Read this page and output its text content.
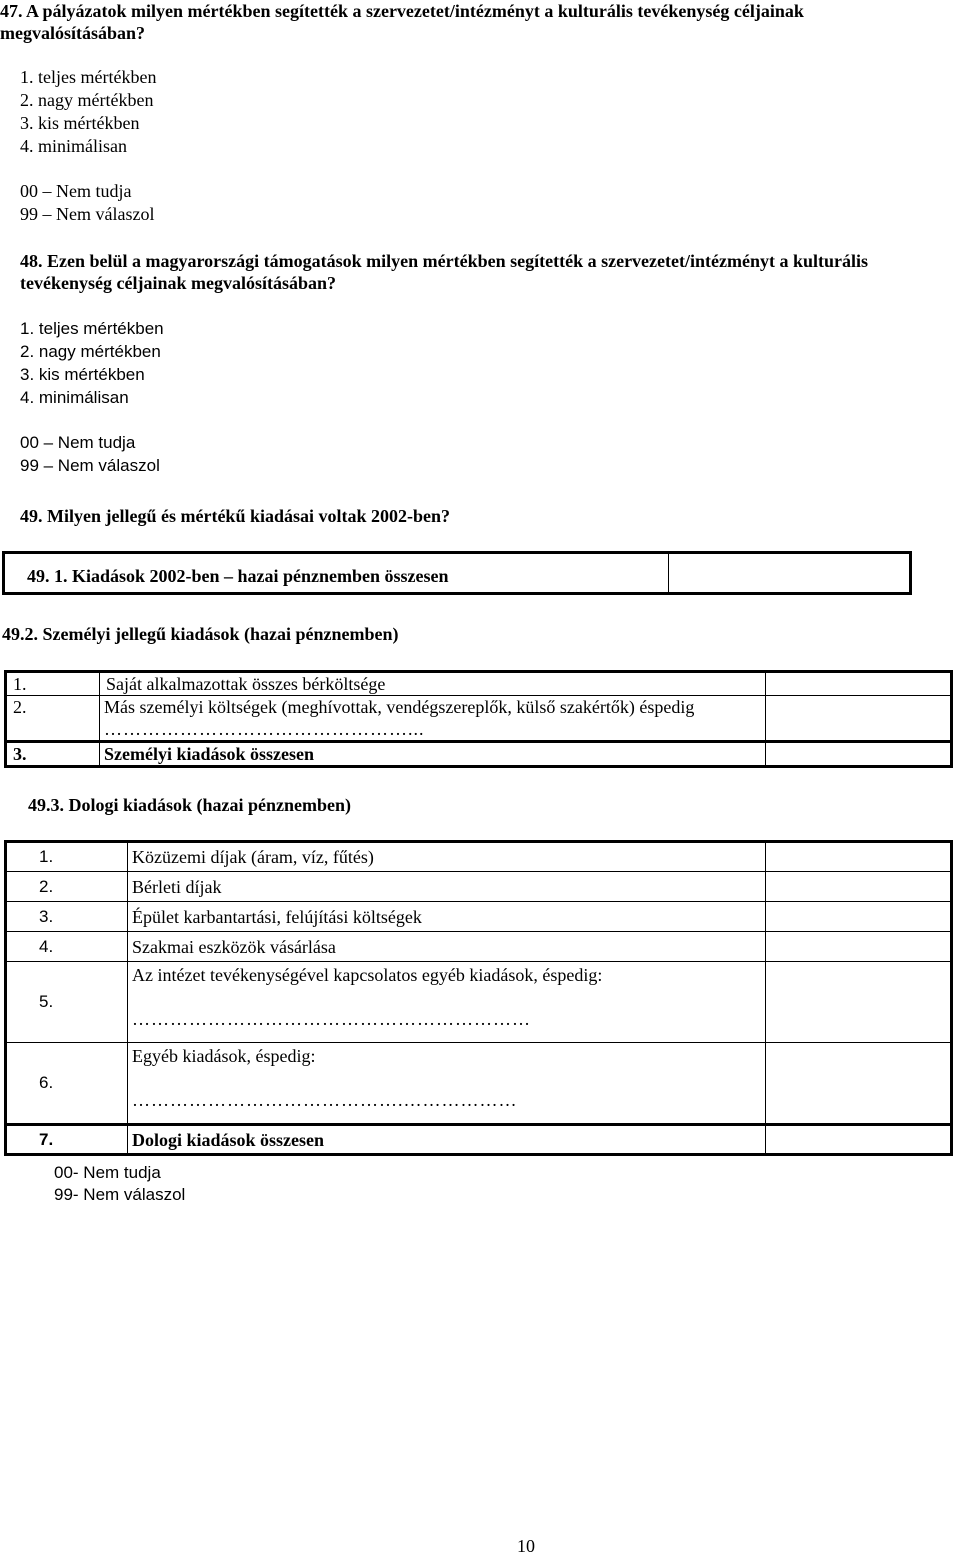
47. A pályázatok milyen mértékben segítették a szervezetet/intézményt a kulturális tevékenység céljainak
megvalósításában?
1. teljes mértékben
2. nagy mértékben
3. kis mértékben
4. minimálisan
00 – Nem tudja
99 – Nem válaszol
48. Ezen belül a magyarországi támogatások milyen mértékben segítették a szervezetet/intézményt a kulturális
tevékenység céljainak megvalósításában?
1. teljes mértékben
2. nagy mértékben
3. kis mértékben
4. minimálisan
00 – Nem tudja
99 – Nem válaszol
49. Milyen jellegű és mértékű kiadásai voltak 2002-ben?
49. 1. Kiadások 2002-ben – hazai pénznemben összesen
49.2. Személyi jellegű kiadások (hazai pénznemben)
1.	Saját alkalmazottak összes bérköltsége	
2.	Más személyi költségek (meghívottak, vendégszereplők, külső szakértők) éspedig
…………………………………………...	

3.	Személyi kiadások összesen	
49.3. Dologi kiadások (hazai pénznemben)
1.	Közüzemi díjak (áram, víz, fűtés)	
2.	Bérleti díjak	
3.	Épület karbantartási, felújítási költségek	
4.	Szakmai eszközök vásárlása	
5.	Az intézet tevékenységével kapcsolatos egyéb kiadások, éspedig:
………………………………………………………	

6.	Egyéb kiadások, éspedig:
…………………………………….………………	

7.	Dologi kiadások összesen	
00- Nem tudja
99- Nem válaszol
10
